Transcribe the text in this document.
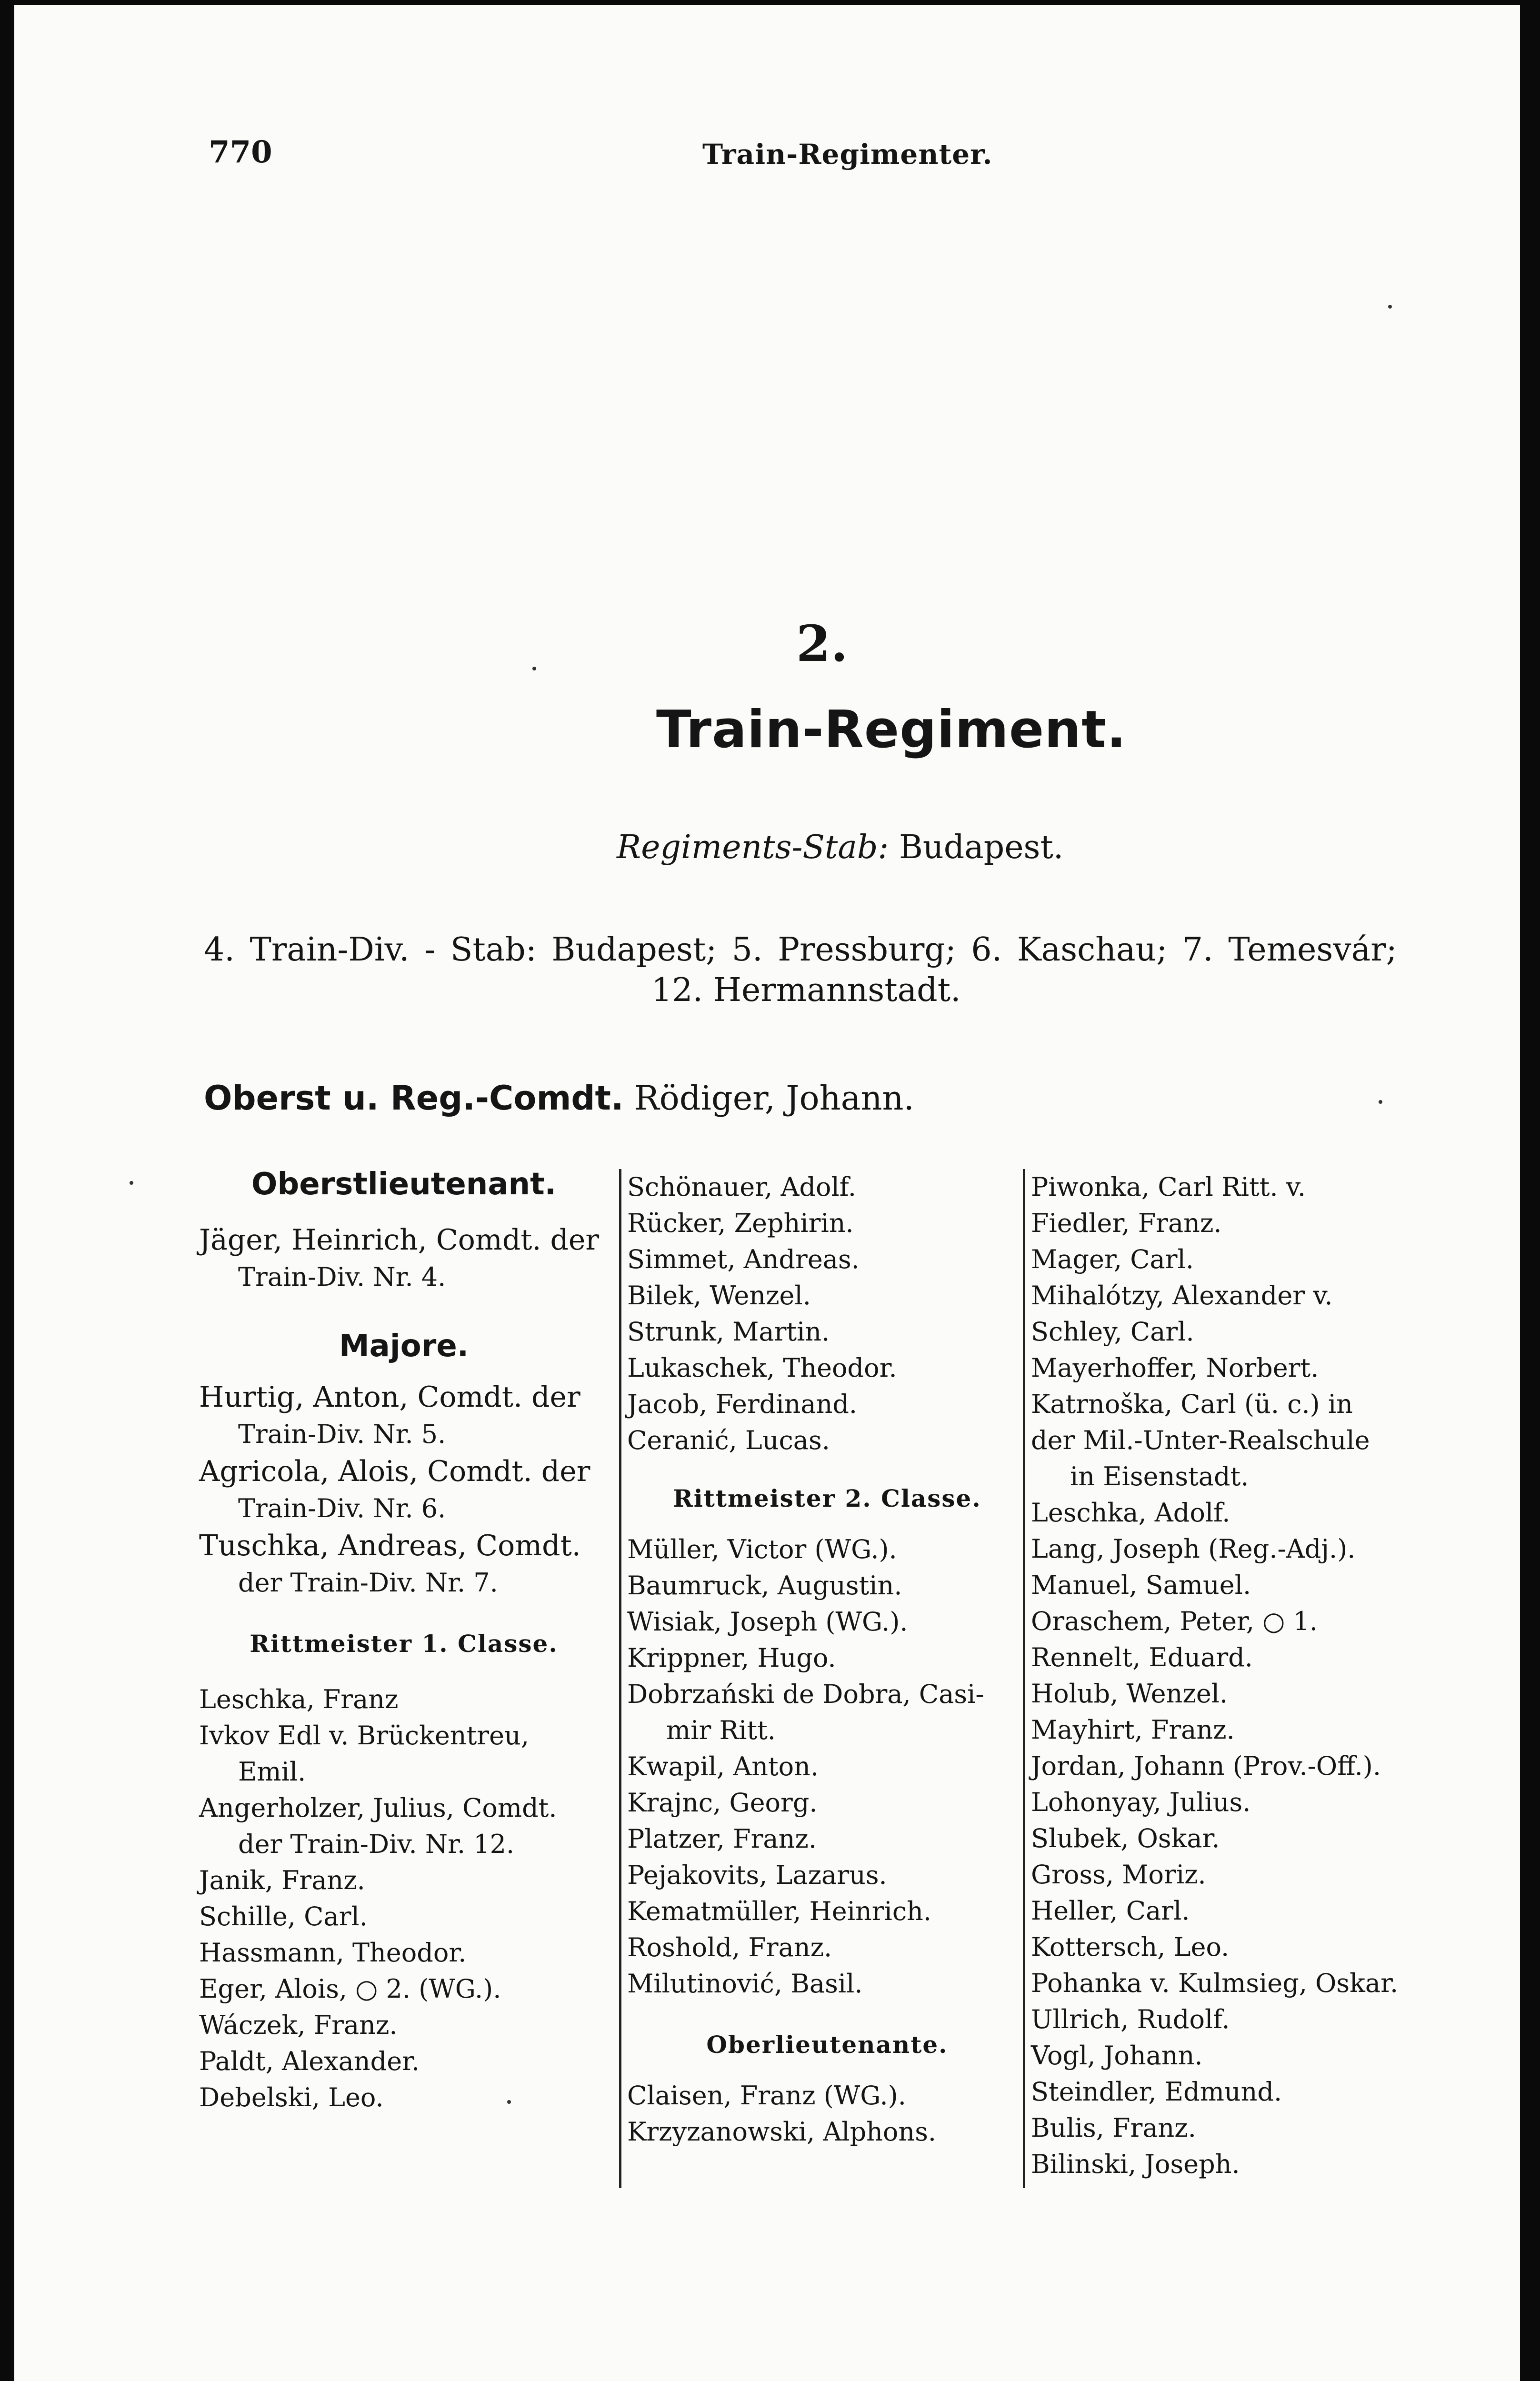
770	Train-Regimenter.
2.
Train-Regiment.
Regiments-Stab: Budapest.
4. Train-Div. - Stab: Budapest; 5. Pressburg; 6. Kaschau; 7. Temesvár;
12. Hermannstadt.
Oberst u. Reg.-Comdt. Rödiger, Johann.
Oberstlieutenant.
Jäger, Heinrich, Comdt. der
Train-Div. Nr. 4.
Majore.
Hurtig, Anton, Comdt. der
Train-Div. Nr. 5.
Agricola, Alois, Comdt. der
Train-Div. Nr. 6.
Tuschka, Andreas, Comdt.
der Train-Div. Nr. 7.
Rittmeister 1. Classe.
Leschka, Franz
Ivkov Edl v. Brückentreu,
Emil.
Angerholzer, Julius, Comdt.
der Train-Div. Nr. 12.
Janik, Franz.
Schille, Carl.
Hassmann, Theodor.
Eger, Alois, ○ 2. (WG.).
Wáczek, Franz.
Paldt, Alexander.
Debelski, Leo.
Schönauer, Adolf.
Rücker, Zephirin.
Simmet, Andreas.
Bilek, Wenzel.
Strunk, Martin.
Lukaschek, Theodor.
Jacob, Ferdinand.
Ceranić, Lucas.
Rittmeister 2. Classe.
Müller, Victor (WG.).
Baumruck, Augustin.
Wisiak, Joseph (WG.).
Krippner, Hugo.
Dobrzański de Dobra, Casi-
mir Ritt.
Kwapil, Anton.
Krajnc, Georg.
Platzer, Franz.
Pejakovits, Lazarus.
Kematmüller, Heinrich.
Roshold, Franz.
Milutinović, Basil.
Oberlieutenante.
Claisen, Franz (WG.).
Krzyzanowski, Alphons.
Piwonka, Carl Ritt. v.
Fiedler, Franz.
Mager, Carl.
Mihalótzy, Alexander v.
Schley, Carl.
Mayerhoffer, Norbert.
Katrnoška, Carl (ü. c.) in
der Mil.-Unter-Realschule
in Eisenstadt.
Leschka, Adolf.
Lang, Joseph (Reg.-Adj.).
Manuel, Samuel.
Oraschem, Peter, ○ 1.
Rennelt, Eduard.
Holub, Wenzel.
Mayhirt, Franz.
Jordan, Johann (Prov.-Off.).
Lohonyay, Julius.
Slubek, Oskar.
Gross, Moriz.
Heller, Carl.
Kottersch, Leo.
Pohanka v. Kulmsieg, Oskar.
Ullrich, Rudolf.
Vogl, Johann.
Steindler, Edmund.
Bulis, Franz.
Bilinski, Joseph.
